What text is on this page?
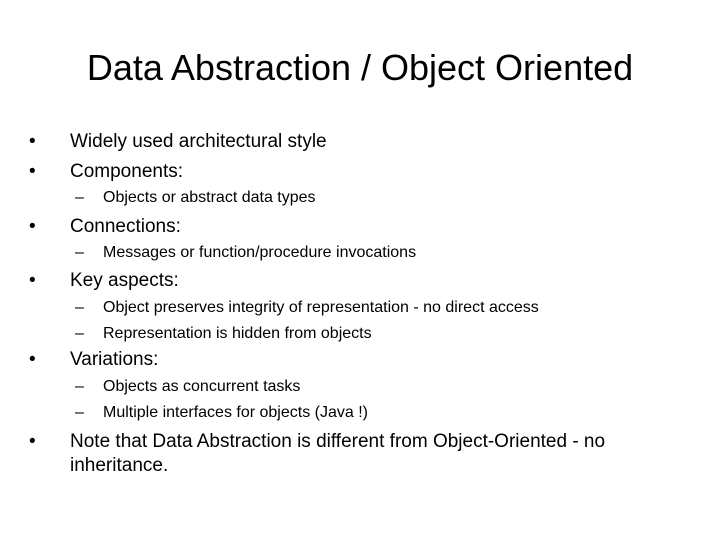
Data Abstraction / Object Oriented
• Widely used architectural style
• Components:
– Objects or abstract data types
• Connections:
– Messages or function/procedure invocations
• Key aspects:
– Object preserves integrity of representation - no direct access
– Representation is hidden from objects
• Variations:
– Objects as concurrent tasks
– Multiple interfaces for objects (Java !)
• Note that Data Abstraction is different from Object-Oriented - no inheritance.
